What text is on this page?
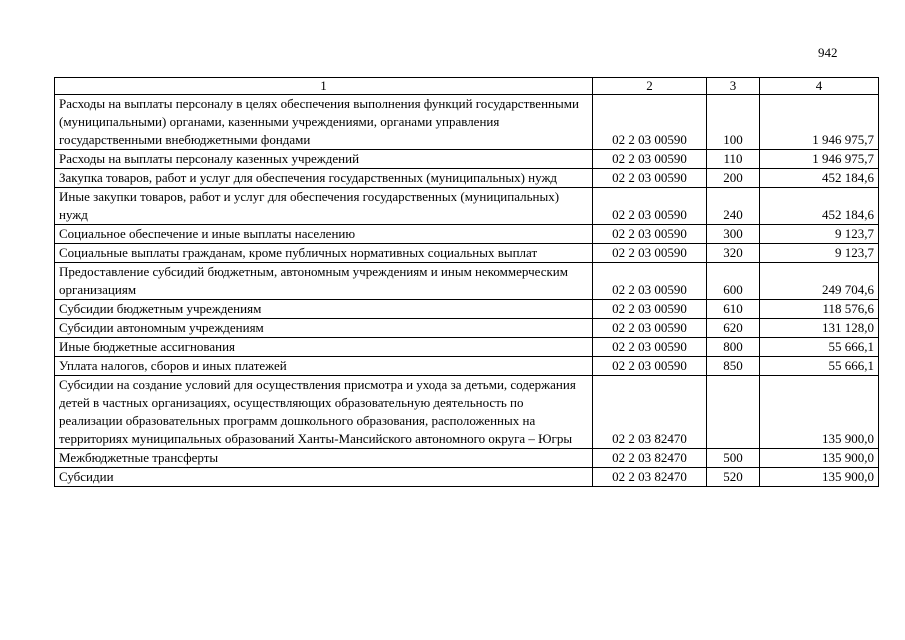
942
1	2	3	4
Расходы на выплаты персоналу в целях обеспечения выполнения функций государственными (муниципальными) органами, казенными учреждениями, органами управления государственными внебюджетными фондами	02 2 03 00590	100	1 946 975,7
Расходы на выплаты персоналу казенных учреждений	02 2 03 00590	110	1 946 975,7
Закупка товаров, работ и услуг для обеспечения государственных (муниципальных) нужд	02 2 03 00590	200	452 184,6
Иные закупки товаров, работ и услуг для обеспечения государственных (муниципальных) нужд	02 2 03 00590	240	452 184,6
Социальное обеспечение и иные выплаты населению	02 2 03 00590	300	9 123,7
Социальные выплаты гражданам, кроме публичных нормативных социальных выплат	02 2 03 00590	320	9 123,7
Предоставление субсидий бюджетным, автономным учреждениям и иным некоммерческим организациям	02 2 03 00590	600	249 704,6
Субсидии бюджетным учреждениям	02 2 03 00590	610	118 576,6
Субсидии автономным учреждениям	02 2 03 00590	620	131 128,0
Иные бюджетные ассигнования	02 2 03 00590	800	55 666,1
Уплата налогов, сборов и иных платежей	02 2 03 00590	850	55 666,1
Субсидии на создание условий для осуществления присмотра и ухода за детьми, содержания детей в частных организациях, осуществляющих образовательную деятельность по реализации образовательных программ дошкольного образования, расположенных на территориях муниципальных образований Ханты-Мансийского автономного округа – Югры	02 2 03 82470		135 900,0
Межбюджетные трансферты	02 2 03 82470	500	135 900,0
Субсидии	02 2 03 82470	520	135 900,0
